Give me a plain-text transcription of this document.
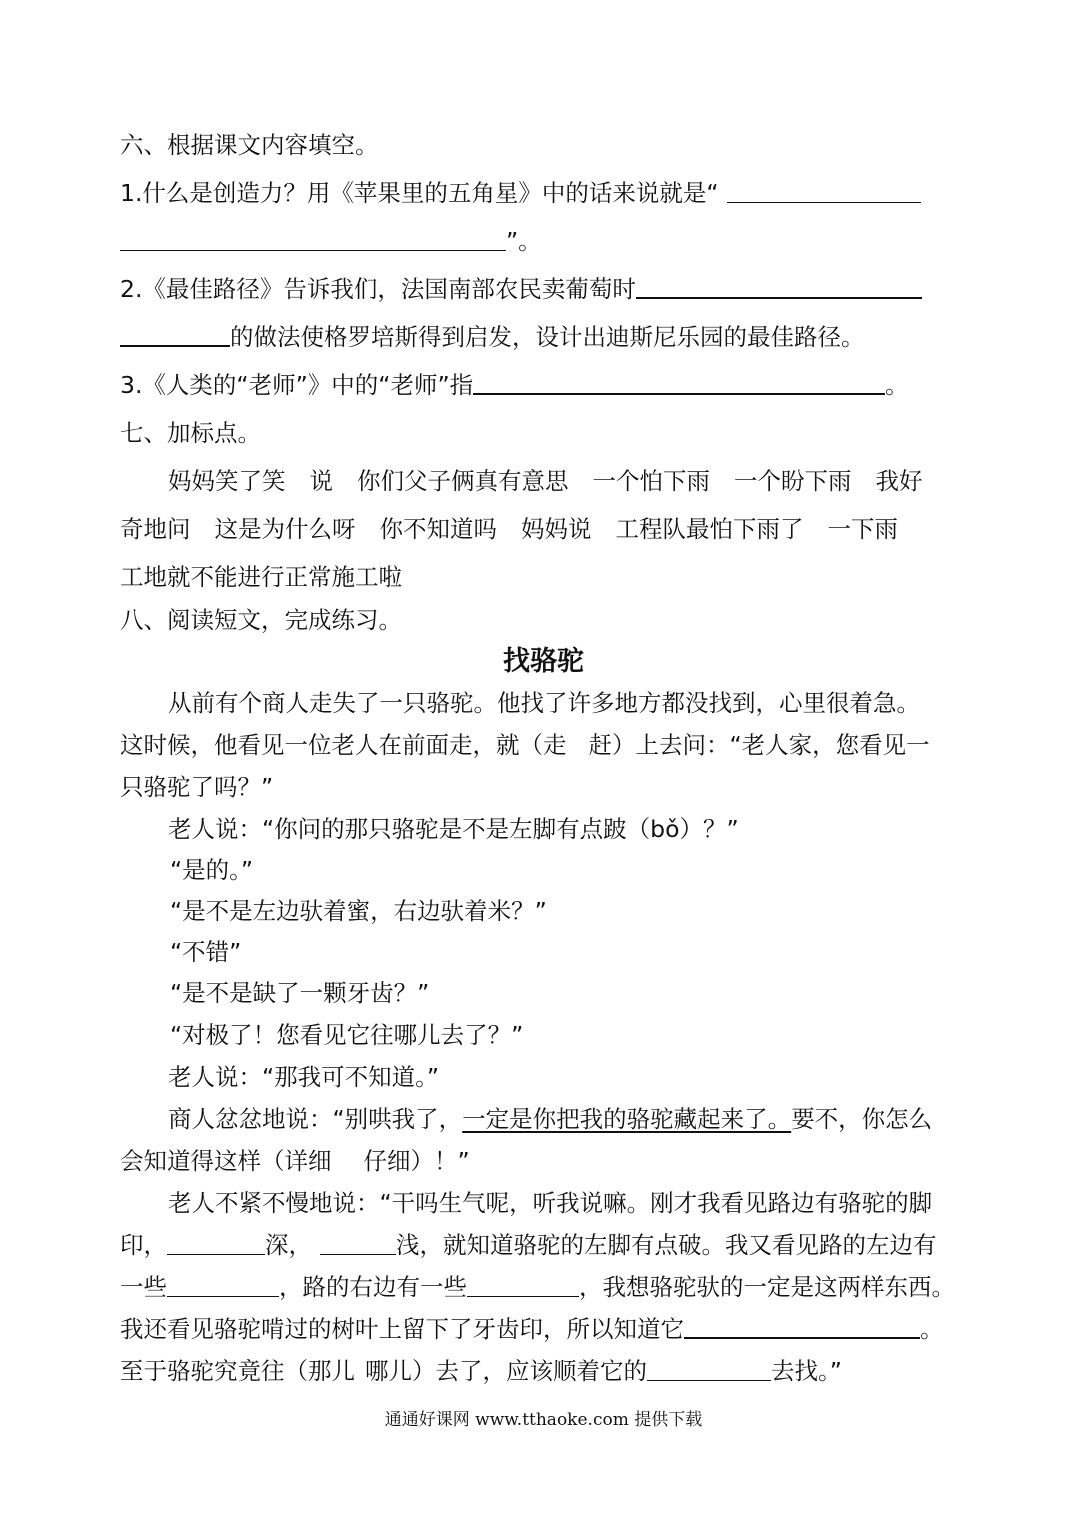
六、根据课文内容填空。
1.什么是创造力？用《苹果里的五角星》中的话来说就是“
”。
2.《最佳路径》告诉我们，法国南部农民卖葡萄时
的做法使格罗培斯得到启发，设计出迪斯尼乐园的最佳路径。
3.《人类的“老师”》中的“老师”指	。
七、加标点。
妈妈笑了笑 说 你们父子俩真有意思 一个怕下雨 一个盼下雨 我好
奇地问 这是为什么呀 你不知道吗 妈妈说 工程队最怕下雨了 一下雨
工地就不能进行正常施工啦
八、阅读短文，完成练习。
找骆驼
从前有个商人走失了一只骆驼。他找了许多地方都没找到，心里很着急。
这时候，他看见一位老人在前面走，就（走 赶）上去问：“老人家，您看见一
只骆驼了吗？”
老人说：“你问的那只骆驼是不是左脚有点跛（bǒ）？”
“是的。”
“是不是左边驮着蜜，右边驮着米？”
“不错”
“是不是缺了一颗牙齿？”
“对极了！您看见它往哪儿去了？”
老人说：“那我可不知道。”
商人忿忿地说：“别哄我了，一定是你把我的骆驼藏起来了。要不，你怎么
会知道得这样（详细 仔细）！”
老人不紧不慢地说：“干吗生气呢，听我说嘛。刚才我看见路边有骆驼的脚
印，	深，	浅，就知道骆驼的左脚有点破。我又看见路的左边有
一些	，路的右边有一些	，我想骆驼驮的一定是这两样东西。
我还看见骆驼啃过的树叶上留下了牙齿印，所以知道它	。
至于骆驼究竟往（那儿 哪儿）去了，应该顺着它的	去找。”
通通好课网 www.tthaoke.com 提供下载
